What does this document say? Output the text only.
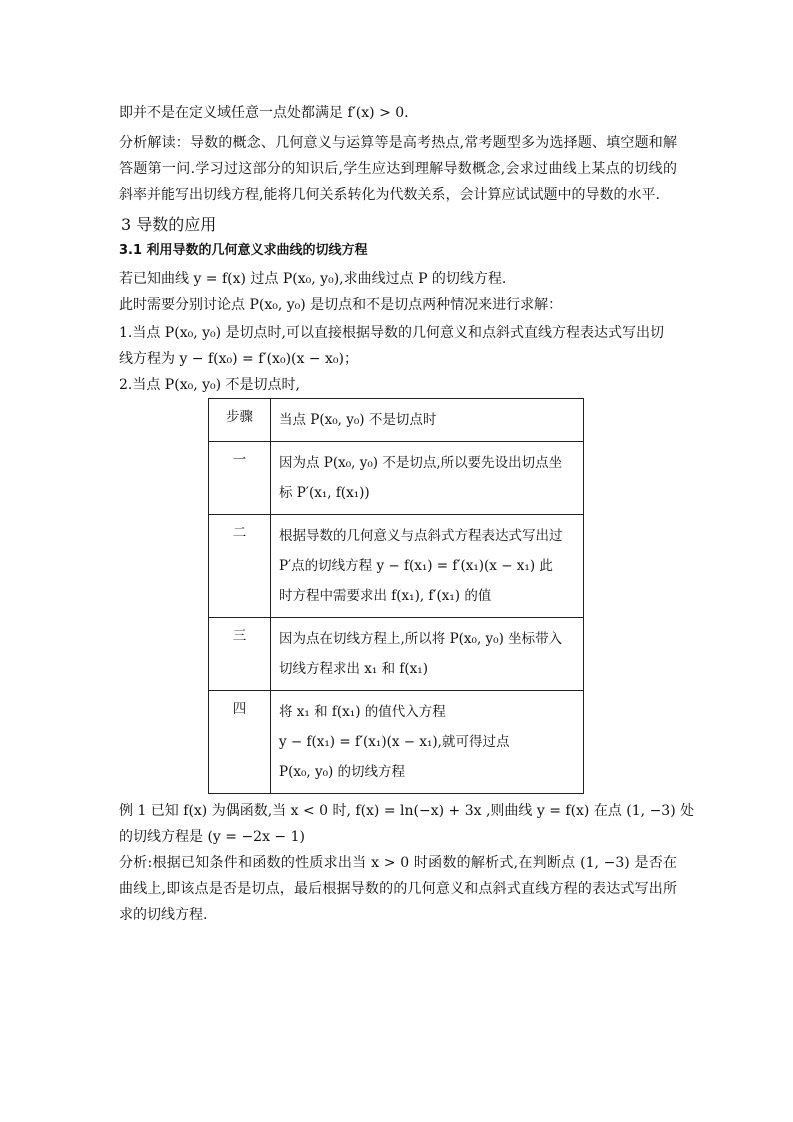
即并不是在定义域任意一点处都满足 f′(x) > 0.
分析解读：导数的概念、几何意义与运算等是高考热点,常考题型多为选择题、填空题和解答题第一问.学习过这部分的知识后,学生应达到理解导数概念,会求过曲线上某点的切线的斜率并能写出切线方程,能将几何关系转化为代数关系，会计算应试试题中的导数的水平.
3 导数的应用
3.1 利用导数的几何意义求曲线的切线方程
若已知曲线 y = f(x) 过点 P(x₀, y₀),求曲线过点 P 的切线方程.
此时需要分别讨论点 P(x₀, y₀) 是切点和不是切点两种情况来进行求解：
1.当点 P(x₀, y₀) 是切点时,可以直接根据导数的几何意义和点斜式直线方程表达式写出切
线方程为 y − f(x₀) = f′(x₀)(x − x₀)；
2.当点 P(x₀, y₀) 不是切点时,
步骤	当点 P(x₀, y₀) 不是切点时

一	因为点 P(x₀, y₀) 不是切点,所以要先设出切点坐
标 P′(x₁, f(x₁))

二	根据导数的几何意义与点斜式方程表达式写出过
P′点的切线方程 y − f(x₁) = f′(x₁)(x − x₁) 此
时方程中需要求出 f(x₁), f′(x₁) 的值

三	因为点在切线方程上,所以将 P(x₀, y₀) 坐标带入
切线方程求出 x₁ 和 f(x₁)

四	将 x₁ 和 f(x₁) 的值代入方程
y − f(x₁) = f′(x₁)(x − x₁),就可得过点
P(x₀, y₀) 的切线方程
例 1 已知 f(x) 为偶函数,当 x < 0 时, f(x) = ln(−x) + 3x ,则曲线 y = f(x) 在点 (1, −3) 处
的切线方程是 (y = −2x − 1)
分析:根据已知条件和函数的性质求出当 x > 0 时函数的解析式,在判断点 (1, −3) 是否在曲线上,即该点是否是切点，最后根据导数的的几何意义和点斜式直线方程的表达式写出所求的切线方程.
